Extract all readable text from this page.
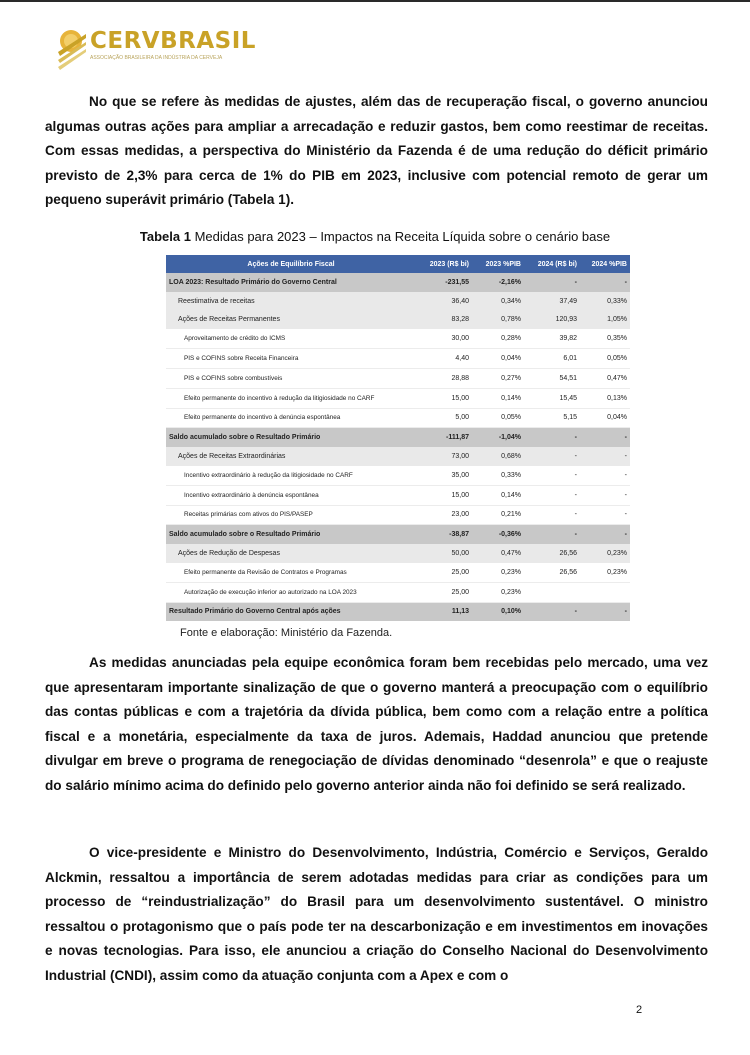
CERVBRASIL
ASSOCIAÇÃO BRASILEIRA DA INDÚSTRIA DA CERVEJA

No que se refere às medidas de ajustes, além das de recuperação fiscal, o governo anunciou algumas outras ações para ampliar a arrecadação e reduzir gastos, bem como reestimar de receitas. Com essas medidas, a perspectiva do Ministério da Fazenda é de uma redução do déficit primário previsto de 2,3% para cerca de 1% do PIB em 2023, inclusive com potencial remoto de gerar um pequeno superávit primário (Tabela 1).

Tabela 1 Medidas para 2023 – Impactos na Receita Líquida sobre o cenário base
Ações de Equilíbrio Fiscal	2023 (R$ bi)	2023 %PIB	2024 (R$ bi)	2024 %PIB
LOA 2023: Resultado Primário do Governo Central	-231,55	-2,16%	-	-
Reestimativa de receitas	36,40	0,34%	37,49	0,33%
Ações de Receitas Permanentes	83,28	0,78%	120,93	1,05%
Aproveitamento de crédito do ICMS	30,00	0,28%	39,82	0,35%
PIS e COFINS sobre Receita Financeira	4,40	0,04%	6,01	0,05%
PIS e COFINS sobre combustíveis	28,88	0,27%	54,51	0,47%
Efeito permanente do incentivo à redução da litigiosidade no CARF	15,00	0,14%	15,45	0,13%
Efeito permanente do incentivo à denúncia espontânea	5,00	0,05%	5,15	0,04%
Saldo acumulado sobre o Resultado Primário	-111,87	-1,04%	-	-
Ações de Receitas Extraordinárias	73,00	0,68%	-	-
Incentivo extraordinário à redução da litigiosidade no CARF	35,00	0,33%	-	-
Incentivo extraordinário à denúncia espontânea	15,00	0,14%	-	-
Receitas primárias com ativos do PIS/PASEP	23,00	0,21%	-	-
Saldo acumulado sobre o Resultado Primário	-38,87	-0,36%	-	-
Ações de Redução de Despesas	50,00	0,47%	26,56	0,23%
Efeito permanente da Revisão de Contratos e Programas	25,00	0,23%	26,56	0,23%
Autorização de execução inferior ao autorizado na LOA 2023	25,00	0,23%		
Resultado Primário do Governo Central após ações	11,13	0,10%	-	-
Fonte e elaboração: Ministério da Fazenda.

As medidas anunciadas pela equipe econômica foram bem recebidas pelo mercado, uma vez que apresentaram importante sinalização de que o governo manterá a preocupação com o equilíbrio das contas públicas e com a trajetória da dívida pública, bem como com a relação entre a política fiscal e a monetária, especialmente da taxa de juros. Ademais, Haddad anunciou que pretende divulgar em breve o programa de renegociação de dívidas denominado “desenrola” e que o reajuste do salário mínimo acima do definido pelo governo anterior ainda não foi definido se será realizado.

O vice-presidente e Ministro do Desenvolvimento, Indústria, Comércio e Serviços, Geraldo Alckmin, ressaltou a importância de serem adotadas medidas para criar as condições para um processo de “reindustrialização” do Brasil para um desenvolvimento sustentável. O ministro ressaltou o protagonismo que o país pode ter na descarbonização e em investimentos em inovações e novas tecnologias. Para isso, ele anunciou a criação do Conselho Nacional do Desenvolvimento Industrial (CNDI), assim como da atuação conjunta com a Apex e com o

2
